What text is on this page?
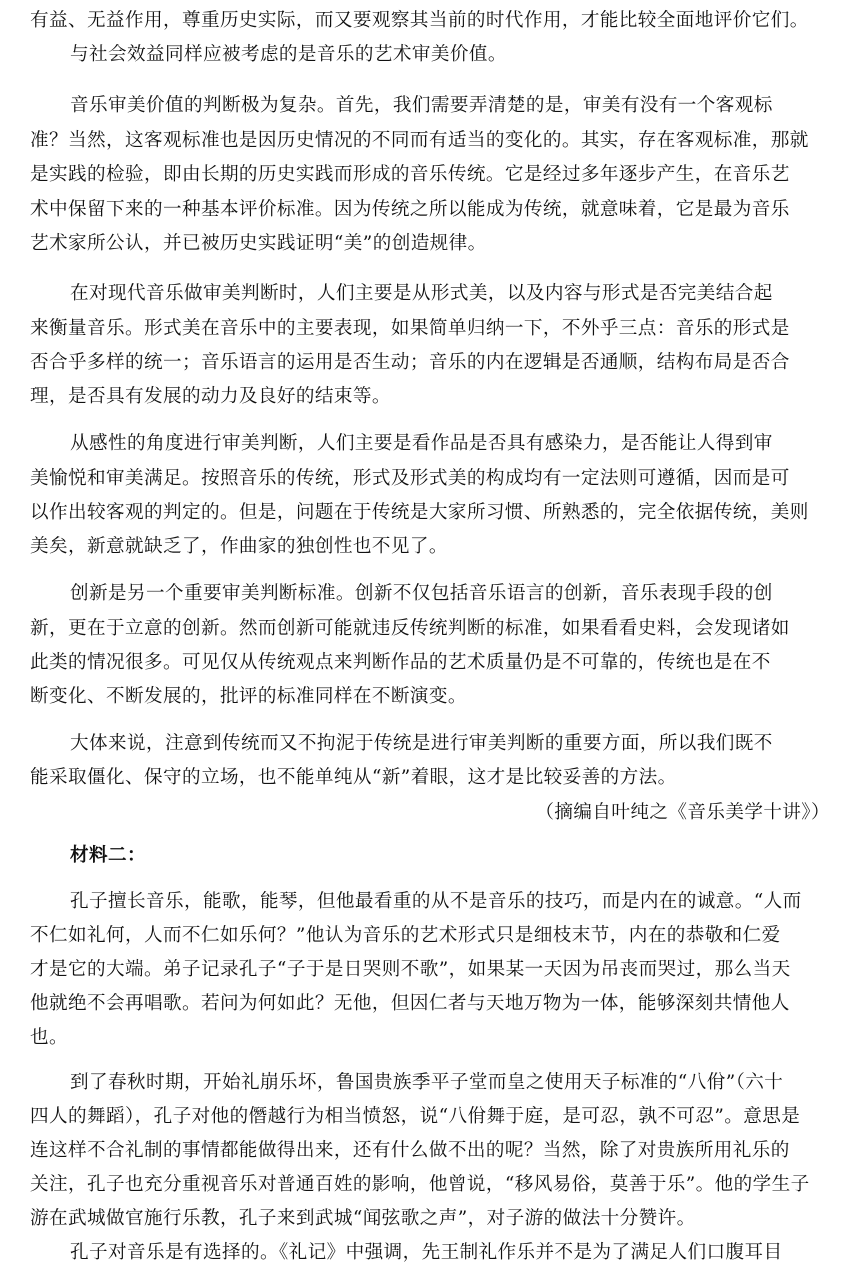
有益、无益作用，尊重历史实际，而又要观察其当前的时代作用，才能比较全面地评价它们。
与社会效益同样应被考虑的是音乐的艺术审美价值。
音乐审美价值的判断极为复杂。首先，我们需要弄清楚的是，审美有没有一个客观标
准？当然，这客观标准也是因历史情况的不同而有适当的变化的。其实，存在客观标准，那就
是实践的检验，即由长期的历史实践而形成的音乐传统。它是经过多年逐步产生，在音乐艺
术中保留下来的一种基本评价标准。因为传统之所以能成为传统，就意味着，它是最为音乐
艺术家所公认，并已被历史实践证明“美”的创造规律。
在对现代音乐做审美判断时，人们主要是从形式美，以及内容与形式是否完美结合起
来衡量音乐。形式美在音乐中的主要表现，如果简单归纳一下，不外乎三点：音乐的形式是
否合乎多样的统一；音乐语言的运用是否生动；音乐的内在逻辑是否通顺，结构布局是否合
理，是否具有发展的动力及良好的结束等。
从感性的角度进行审美判断，人们主要是看作品是否具有感染力，是否能让人得到审
美愉悦和审美满足。按照音乐的传统，形式及形式美的构成均有一定法则可遵循，因而是可
以作出较客观的判定的。但是，问题在于传统是大家所习惯、所熟悉的，完全依据传统，美则
美矣，新意就缺乏了，作曲家的独创性也不见了。
创新是另一个重要审美判断标准。创新不仅包括音乐语言的创新，音乐表现手段的创
新，更在于立意的创新。然而创新可能就违反传统判断的标准，如果看看史料，会发现诸如
此类的情况很多。可见仅从传统观点来判断作品的艺术质量仍是不可靠的，传统也是在不
断变化、不断发展的，批评的标准同样在不断演变。
大体来说，注意到传统而又不拘泥于传统是进行审美判断的重要方面，所以我们既不
能采取僵化、保守的立场，也不能单纯从“新”着眼，这才是比较妥善的方法。
（摘编自叶纯之《音乐美学十讲》）
材料二：
孔子擅长音乐，能歌，能琴，但他最看重的从不是音乐的技巧，而是内在的诚意。“人而
不仁如礼何，人而不仁如乐何？”他认为音乐的艺术形式只是细枝末节，内在的恭敬和仁爱
才是它的大端。弟子记录孔子“子于是日哭则不歌”，如果某一天因为吊丧而哭过，那么当天
他就绝不会再唱歌。若问为何如此？无他，但因仁者与天地万物为一体，能够深刻共情他人
也。
到了春秋时期，开始礼崩乐坏，鲁国贵族季平子堂而皇之使用天子标准的“八佾”（六十
四人的舞蹈），孔子对他的僭越行为相当愤怒，说“八佾舞于庭，是可忍，孰不可忍”。意思是
连这样不合礼制的事情都能做得出来，还有什么做不出的呢？当然，除了对贵族所用礼乐的
关注，孔子也充分重视音乐对普通百姓的影响，他曾说，“移风易俗，莫善于乐”。他的学生子
游在武城做官施行乐教，孔子来到武城“闻弦歌之声”，对子游的做法十分赞许。
孔子对音乐是有选择的。《礼记》中强调，先王制礼作乐并不是为了满足人们口腹耳目
